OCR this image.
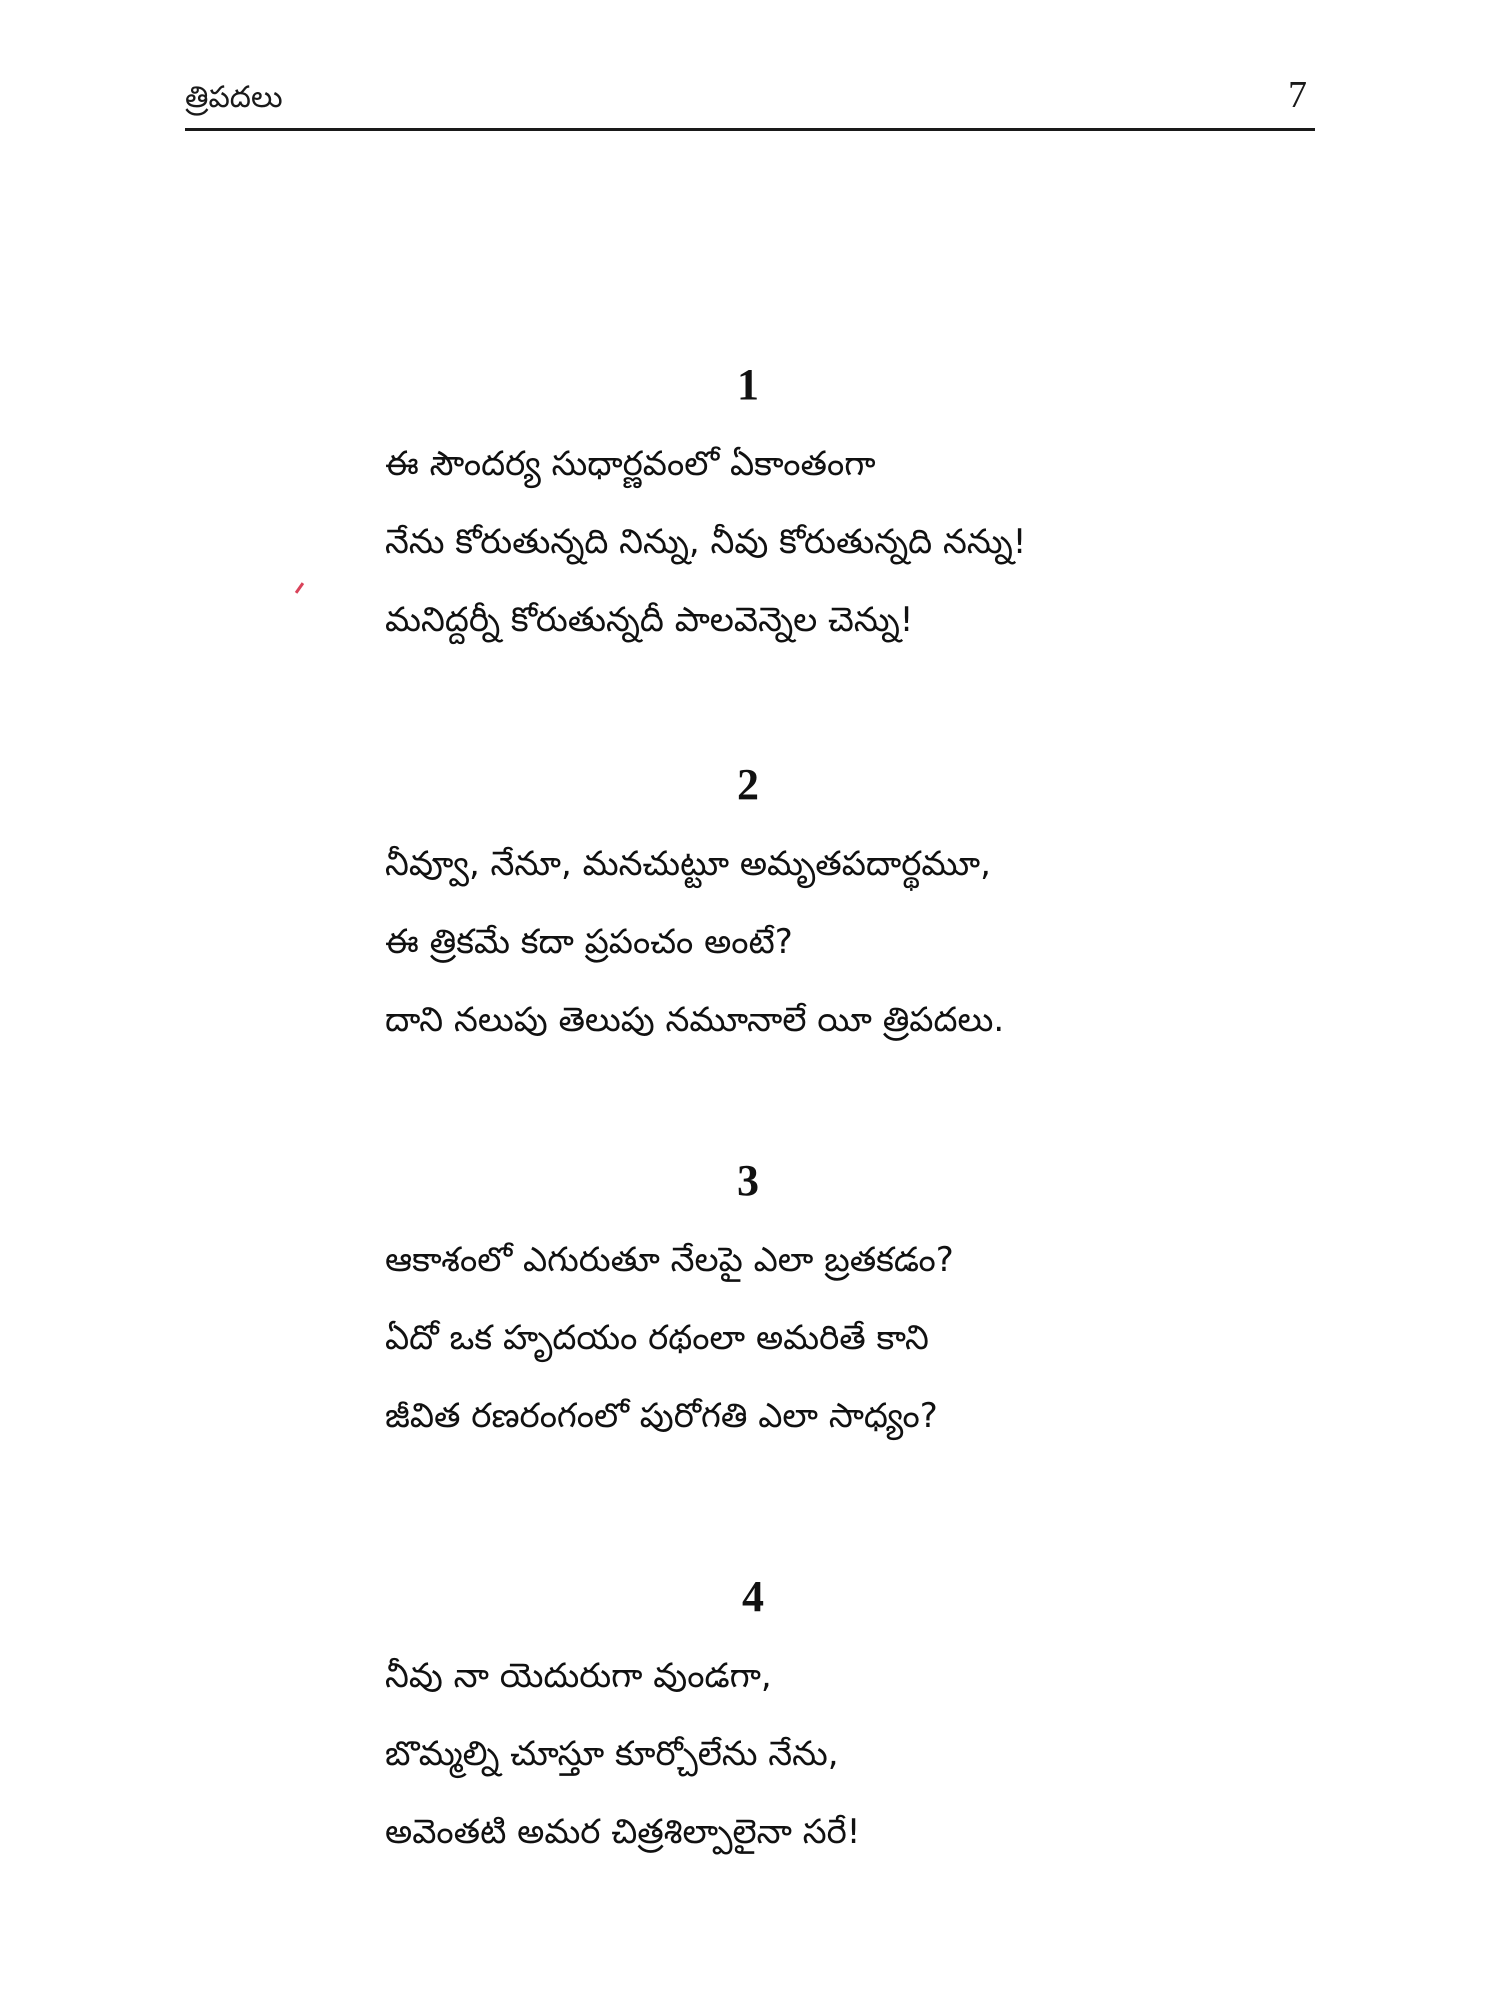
త్రిపదలు	7
1
ఈ సౌందర్య సుధార్ణవంలో ఏకాంతంగా
నేను కోరుతున్నది నిన్ను, నీవు కోరుతున్నది నన్ను!
మనిద్దర్నీ కోరుతున్నదీ పాలవెన్నెల చెన్ను!
2
నీవ్వూ, నేనూ, మనచుట్టూ అమృతపదార్థమూ,
ఈ త్రికమే కదా ప్రపంచం అంటే?
దాని నలుపు తెలుపు నమూనాలే యీ త్రిపదలు.
3
ఆకాశంలో ఎగురుతూ నేలపై ఎలా బ్రతకడం?
ఏదో ఒక హృదయం రథంలా అమరితే కాని
జీవిత రణరంగంలో పురోగతి ఎలా సాధ్యం?
4
నీవు నా యెదురుగా వుండగా,
బొమ్మల్ని చూస్తూ కూర్చోలేను నేను,
అవెంతటి అమర చిత్రశిల్పాలైనా సరే!
